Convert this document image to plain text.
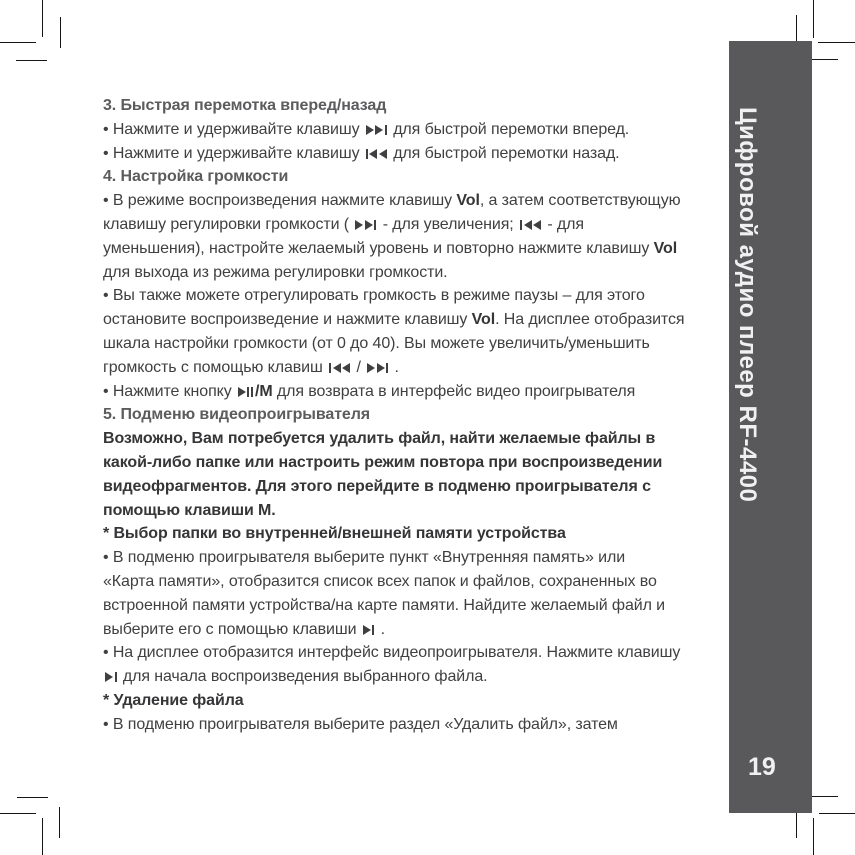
3. Быстрая перемотка вперед/назад
• Нажмите и удерживайте клавишу
для быстрой перемотки вперед.
• Нажмите и удерживайте клавишу
для быстрой перемотки назад.
4. Настройка громкости
• В режиме воспроизведения нажмите клавишу Vol, а затем соответствующую
клавишу регулировки громкости (
- для увеличения;
- для
уменьшения), настройте желаемый уровень и повторно нажмите клавишу Vol
для выхода из режима регулировки громкости.
• Вы также можете отрегулировать громкость в режиме паузы – для этого
остановите воспроизведение и нажмите клавишу Vol. На дисплее отобразится
шкала настройки громкости (от 0 до 40). Вы можете увеличить/уменьшить
громкость с помощью клавиш
/
.
• Нажмите кнопку
/M для возврата в интерфейс видео проигрывателя
5. Подменю видеопроигрывателя
Возможно, Вам потребуется удалить файл, найти желаемые файлы в
какой-либо папке или настроить режим повтора при воспроизведении
видеофрагментов. Для этого перейдите в подменю проигрывателя с
помощью клавиши М.
* Выбор папки во внутренней/внешней памяти устройства
• В подменю проигрывателя выберите пункт «Внутренняя память» или
«Карта памяти», отобразится список всех папок и файлов, сохраненных во
встроенной памяти устройства/на карте памяти. Найдите желаемый файл и
выберите его с помощью клавиши
.
• На дисплее отобразится интерфейс видеопроигрывателя. Нажмите клавишу
для начала воспроизведения выбранного файла.
* Удаление файла
• В подменю проигрывателя выберите раздел «Удалить файл», затем
Цифровой аудио плеер RF-4400
19
